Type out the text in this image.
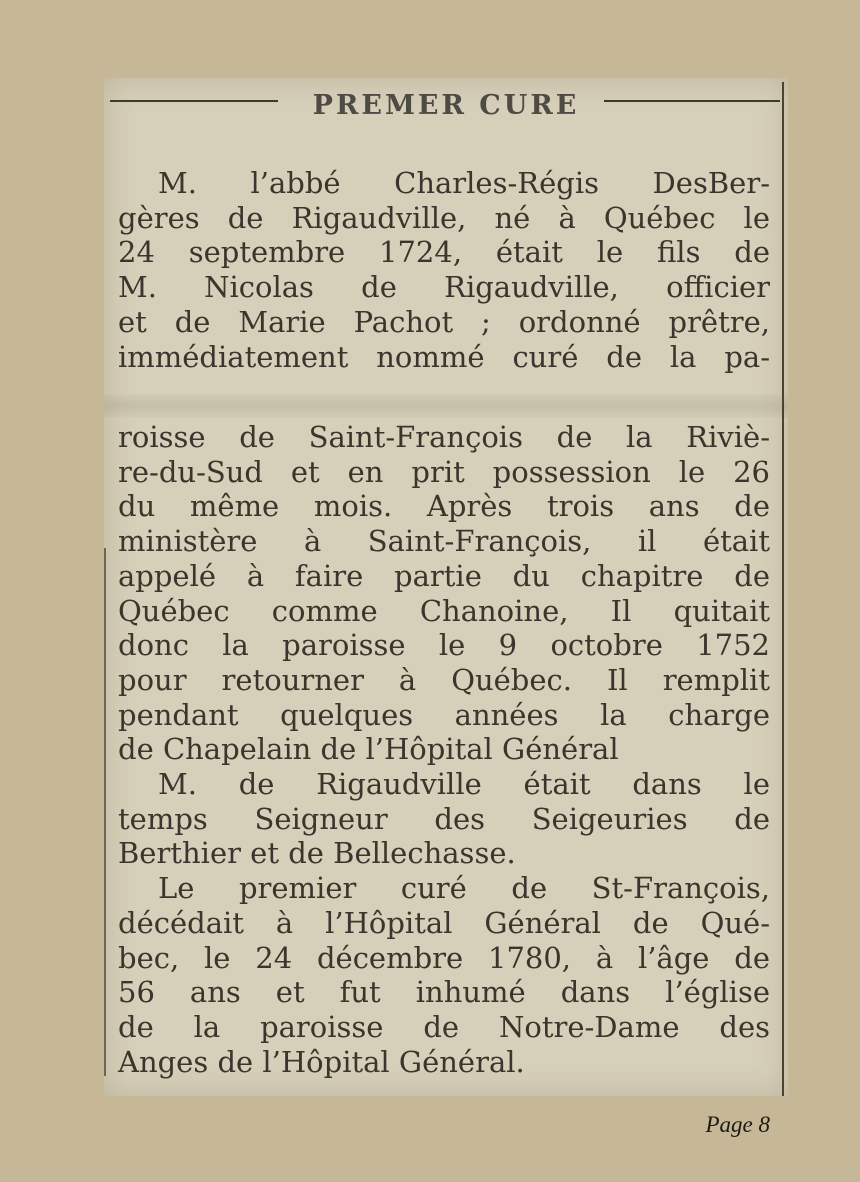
PREMER CURE
M. l’abbé Charles-Régis DesBer-
gères de Rigaudville, né à Québec le
24 septembre 1724, était le fils de
M. Nicolas de Rigaudville, officier
et de Marie Pachot ; ordonné prêtre,
immédiatement nommé curé de la pa-
roisse de Saint-François de la Riviè-
re-du-Sud et en prit possession le 26
du même mois. Après trois ans de
ministère à Saint-François, il était
appelé à faire partie du chapitre de
Québec comme Chanoine, Il quitait
donc la paroisse le 9 octobre 1752
pour retourner à Québec. Il remplit
pendant quelques années la charge
de Chapelain de l’Hôpital Général
M. de Rigaudville était dans le
temps Seigneur des Seigeuries de
Berthier et de Bellechasse.
Le premier curé de St-François,
décédait à l’Hôpital Général de Qué-
bec, le 24 décembre 1780, à l’âge de
56 ans et fut inhumé dans l’église
de la paroisse de Notre-Dame des
Anges de l’Hôpital Général.
Page 8
